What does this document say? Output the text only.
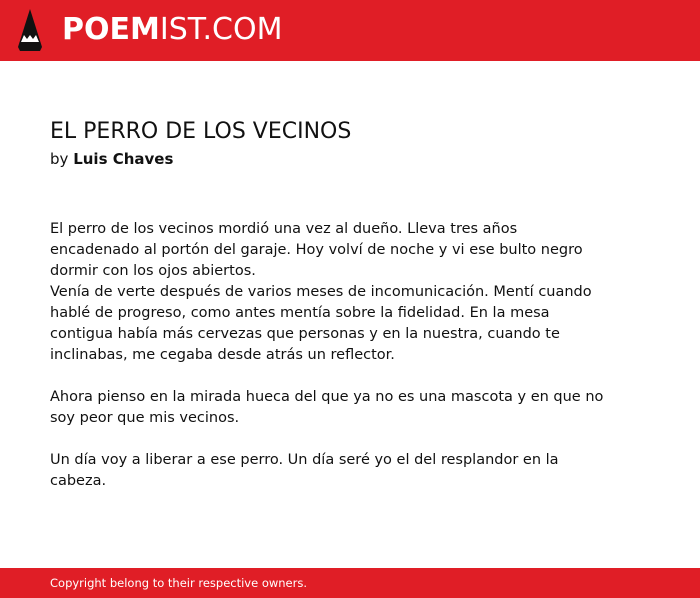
POEMIST.COM
EL PERRO DE LOS VECINOS
by Luis Chaves
El perro de los vecinos mordió una vez al dueño. Lleva tres años
encadenado al portón del garaje. Hoy volví de noche y vi ese bulto negro
dormir con los ojos abiertos.
Venía de verte después de varios meses de incomunicación. Mentí cuando
hablé de progreso, como antes mentía sobre la fidelidad. En la mesa
contigua había más cervezas que personas y en la nuestra, cuando te
inclinabas, me cegaba desde atrás un reflector.
Ahora pienso en la mirada hueca del que ya no es una mascota y en que no
soy peor que mis vecinos.
Un día voy a liberar a ese perro. Un día seré yo el del resplandor en la
cabeza.
Copyright belong to their respective owners.
